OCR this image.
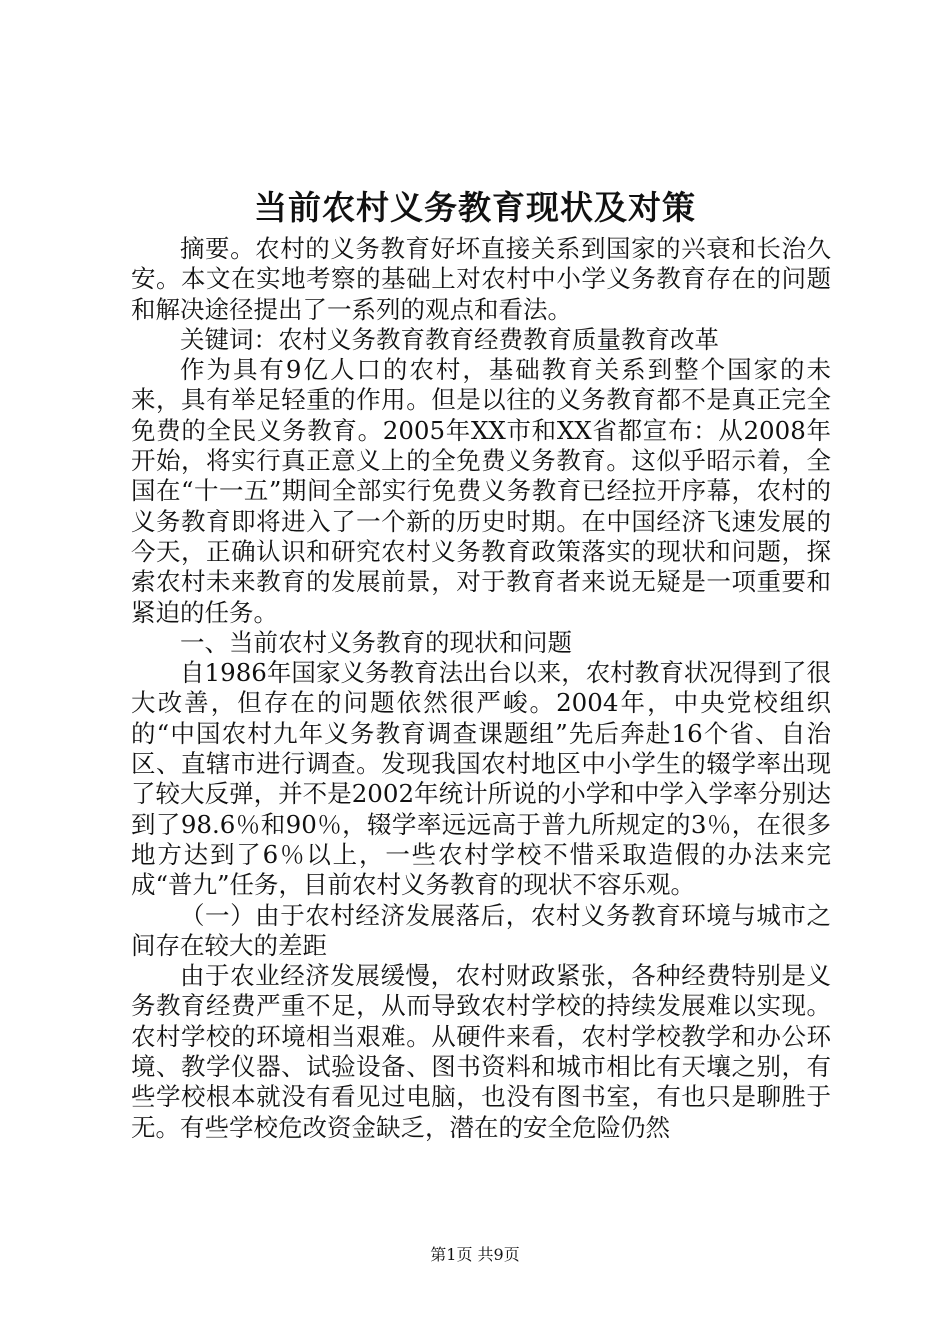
当前农村义务教育现状及对策

摘要。农村的义务教育好坏直接关系到国家的兴衰和长治久安。本文在实地考察的基础上对农村中小学义务教育存在的问题和解决途径提出了一系列的观点和看法。

关键词：农村义务教育教育经费教育质量教育改革

作为具有9亿人口的农村，基础教育关系到整个国家的未来，具有举足轻重的作用。但是以往的义务教育都不是真正完全免费的全民义务教育。2005年XX市和XX省都宣布：从2008年开始，将实行真正意义上的全免费义务教育。这似乎昭示着，全国在“十一五”期间全部实行免费义务教育已经拉开序幕，农村的义务教育即将进入了一个新的历史时期。在中国经济飞速发展的今天，正确认识和研究农村义务教育政策落实的现状和问题，探索农村未来教育的发展前景，对于教育者来说无疑是一项重要和紧迫的任务。

一、当前农村义务教育的现状和问题

自1986年国家义务教育法出台以来，农村教育状况得到了很大改善，但存在的问题依然很严峻。2004年，中央党校组织的“中国农村九年义务教育调查课题组”先后奔赴16个省、自治区、直辖市进行调查。发现我国农村地区中小学生的辍学率出现了较大反弹，并不是2002年统计所说的小学和中学入学率分别达到了98.6％和90％，辍学率远远高于普九所规定的3％，在很多地方达到了6％以上，一些农村学校不惜采取造假的办法来完成“普九”任务，目前农村义务教育的现状不容乐观。

（一）由于农村经济发展落后，农村义务教育环境与城市之间存在较大的差距

由于农业经济发展缓慢，农村财政紧张，各种经费特别是义务教育经费严重不足，从而导致农村学校的持续发展难以实现。农村学校的环境相当艰难。从硬件来看，农村学校教学和办公环境、教学仪器、试验设备、图书资料和城市相比有天壤之别，有些学校根本就没有看见过电脑，也没有图书室，有也只是聊胜于无。有些学校危改资金缺乏，潜在的安全危险仍然

第1页 共9页
